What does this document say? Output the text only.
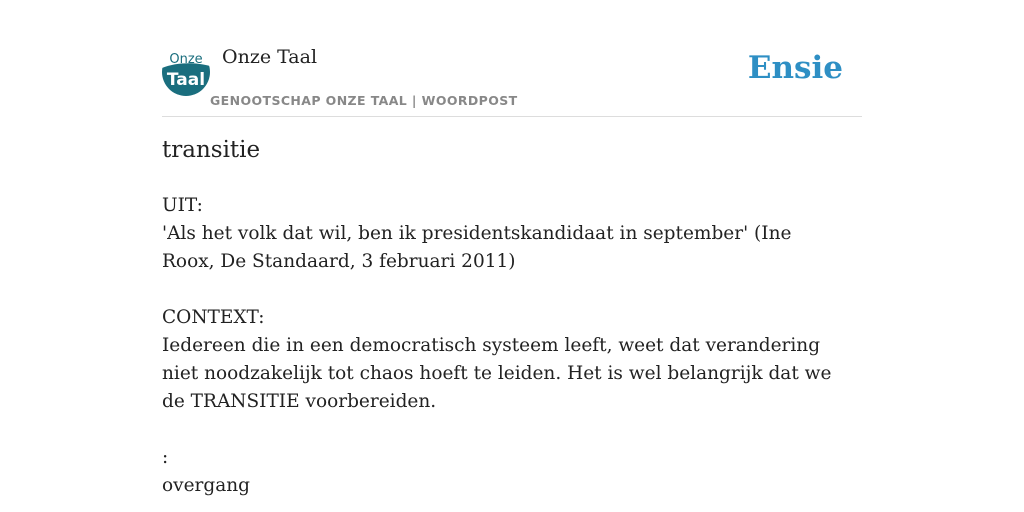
Onze
Taal
Onze Taal
GENOOTSCHAP ONZE TAAL | WOORDPOST
Ensie
transitie
UIT:
'Als het volk dat wil, ben ik presidentskandidaat in september' (Ine Roox, De Standaard, 3 februari 2011)
CONTEXT:
Iedereen die in een democratisch systeem leeft, weet dat verandering niet noodzakelijk tot chaos hoeft te leiden. Het is wel belangrijk dat we de TRANSITIE voorbereiden.
:
overgang
